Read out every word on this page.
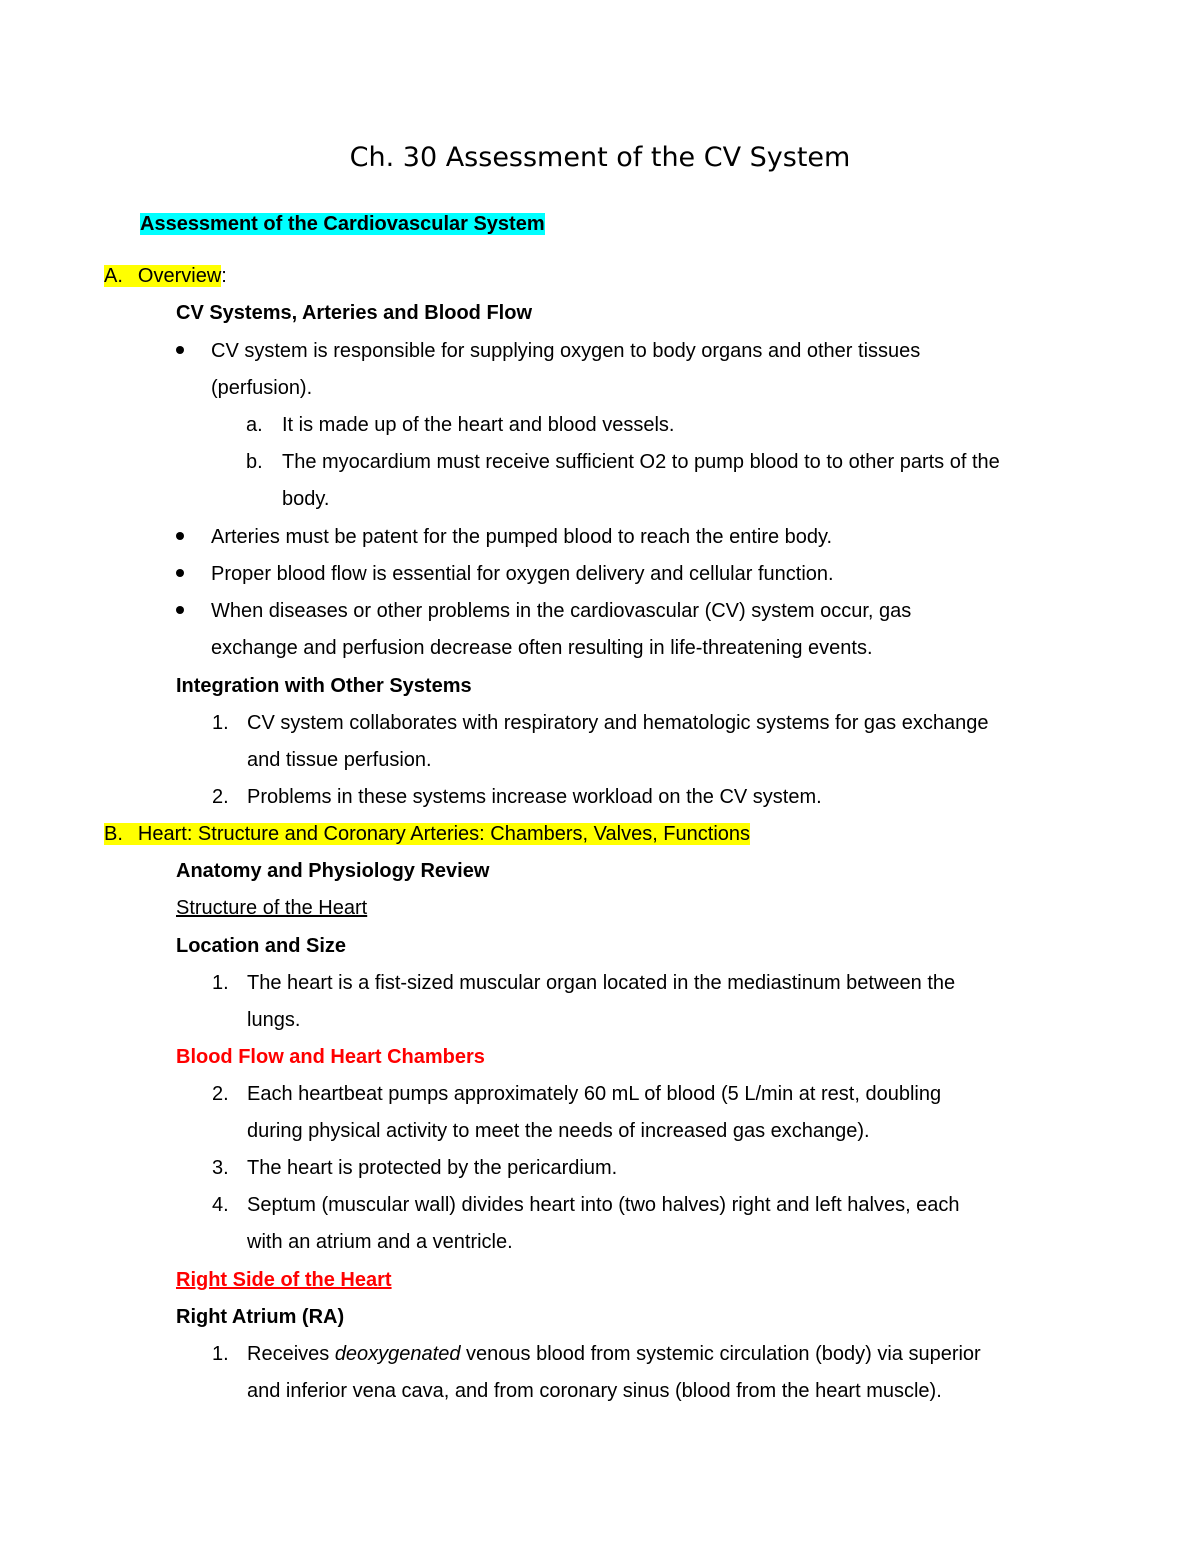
Ch. 30 Assessment of the CV System
Assessment of the Cardiovascular System
A. Overview:
CV Systems, Arteries and Blood Flow
CV system is responsible for supplying oxygen to body organs and other tissues
(perfusion).
a. It is made up of the heart and blood vessels.
b. The myocardium must receive sufficient O2 to pump blood to to other parts of the
body.
Arteries must be patent for the pumped blood to reach the entire body.
Proper blood flow is essential for oxygen delivery and cellular function.
When diseases or other problems in the cardiovascular (CV) system occur, gas
exchange and perfusion decrease often resulting in life-threatening events.
Integration with Other Systems
1. CV system collaborates with respiratory and hematologic systems for gas exchange
and tissue perfusion.
2. Problems in these systems increase workload on the CV system.
B. Heart: Structure and Coronary Arteries: Chambers, Valves, Functions
Anatomy and Physiology Review
Structure of the Heart
Location and Size
1. The heart is a fist-sized muscular organ located in the mediastinum between the
lungs.
Blood Flow and Heart Chambers
2. Each heartbeat pumps approximately 60 mL of blood (5 L/min at rest, doubling
during physical activity to meet the needs of increased gas exchange).
3. The heart is protected by the pericardium.
4. Septum (muscular wall) divides heart into (two halves) right and left halves, each
with an atrium and a ventricle.
Right Side of the Heart
Right Atrium (RA)
1. Receives deoxygenated venous blood from systemic circulation (body) via superior
and inferior vena cava, and from coronary sinus (blood from the heart muscle).
